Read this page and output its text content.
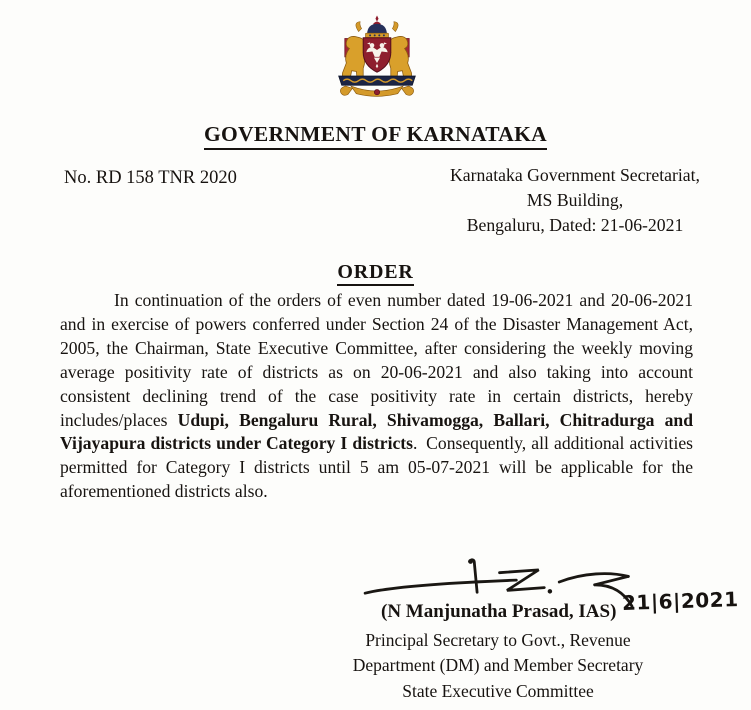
GOVERNMENT OF KARNATAKA
No. RD 158 TNR 2020	Karnataka Government Secretariat,
MS Building,
Bengaluru, Dated: 21-06-2021
ORDER

In continuation of the orders of even number dated 19-06-2021 and 20-06-2021 and in exercise of powers conferred under Section 24 of the Disaster Management Act, 2005, the Chairman, State Executive Committee, after considering the weekly moving average positivity rate of districts as on 20-06-2021 and also taking into account consistent declining trend of the case positivity rate in certain districts, hereby includes/places Udupi, Bengaluru Rural, Shivamogga, Ballari, Chitradurga and Vijayapura districts under Category I districts. Consequently, all additional activities permitted for Category I districts until 5 am 05-07-2021 will be applicable for the aforementioned districts also.

(N Manjunatha Prasad, IAS) 21|6|2021
Principal Secretary to Govt., Revenue
Department (DM) and Member Secretary
State Executive Committee
